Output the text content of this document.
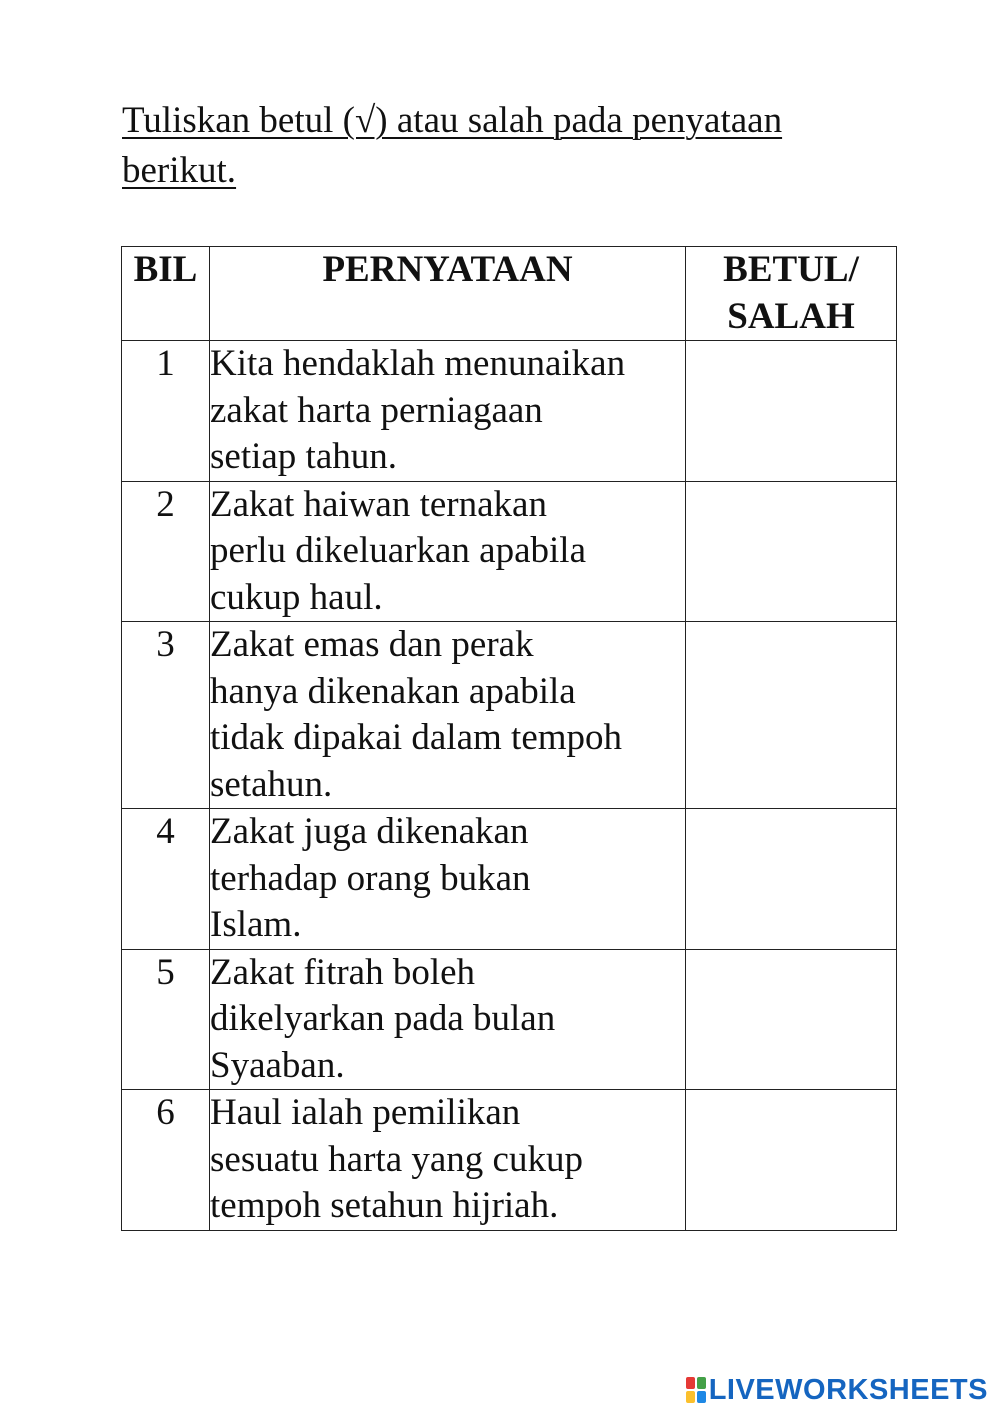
Tuliskan betul (√) atau salah pada penyataan berikut.

BIL	PERNYATAAN	BETUL/
SALAH
1	Kita hendaklah menunaikan
zakat harta perniagaan
setiap tahun.	

2	Zakat haiwan ternakan
perlu dikeluarkan apabila
cukup haul.	

3	Zakat emas dan perak
hanya dikenakan apabila
tidak dipakai dalam tempoh
setahun.	

4	Zakat juga dikenakan
terhadap orang bukan
Islam.	

5	Zakat fitrah boleh
dikelyarkan pada bulan
Syaaban.	

6	Haul ialah pemilikan
sesuatu harta yang cukup
tempoh setahun hijriah.	
LIVEWORKSHEETS
